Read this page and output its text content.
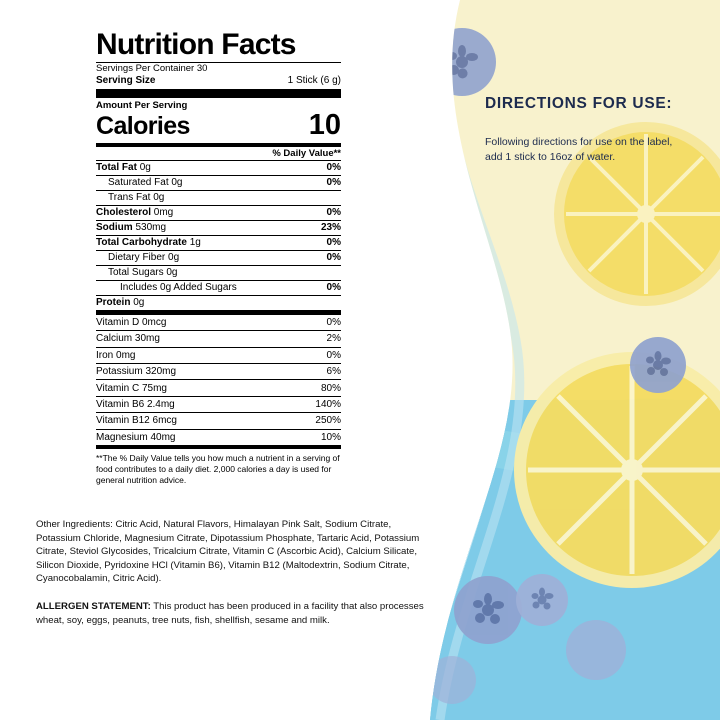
DIRECTIONS FOR USE:

Following directions for use on the label, add 1 stick to 16oz of water.

Nutrition Facts
Servings Per Container 30
Serving Size	1 Stick (6 g)
Amount Per Serving
Calories	10
% Daily Value**
Total Fat 0g	0%
Saturated Fat 0g	0%
Trans Fat 0g
Cholesterol 0mg	0%
Sodium 530mg	23%
Total Carbohydrate 1g	0%
Dietary Fiber 0g	0%
Total Sugars 0g
Includes 0g Added Sugars	0%
Protein 0g
Vitamin D 0mcg	0%
Calcium 30mg	2%
Iron 0mg	0%
Potassium 320mg	6%
Vitamin C 75mg	80%
Vitamin B6 2.4mg	140%
Vitamin B12 6mcg	250%
Magnesium 40mg	10%
**The % Daily Value tells you how much a nutrient in a serving of food contributes to a daily diet. 2,000 calories a day is used for general nutrition advice.

Other Ingredients: Citric Acid, Natural Flavors, Himalayan Pink Salt, Sodium Citrate, Potassium Chloride, Magnesium Citrate, Dipotassium Phosphate, Tartaric Acid, Potassium Citrate, Steviol Glycosides, Tricalcium Citrate, Vitamin C (Ascorbic Acid), Calcium Silicate, Silicon Dioxide, Pyridoxine HCl (Vitamin B6), Vitamin B12 (Maltodextrin, Sodium Citrate, Cyanocobalamin, Citric Acid).

ALLERGEN STATEMENT: This product has been produced in a facility that also processes wheat, soy, eggs, peanuts, tree nuts, fish, shellfish, sesame and milk.
